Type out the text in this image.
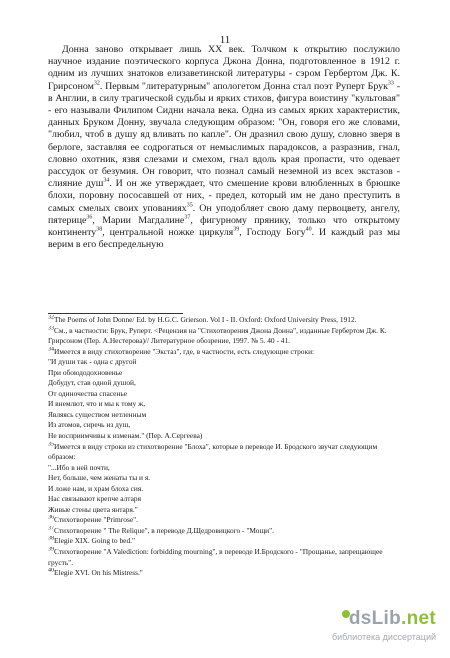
11

Донна заново открывает лишь XX век. Толчком к открытию послужило научное издание поэтического корпуса Джона Донна, подготовленное в 1912 г. одним из лучших знатоков елизаветинской литературы - сэром Гербертом Дж. К. Грирсоном$^{32}$. Первым "литературным" апологетом Донна стал поэт Руперт Брук$^{33}$ - в Англии, в силу трагической судьбы и ярких стихов, фигура воистину "культовая" - его называли Филипом Сидни начала века. Одна из самых ярких характеристик, данных Бруком Донну, звучала следующим образом: "Он, говоря его же словами, "любил, чтоб в душу яд вливать по капле". Он дразнил свою душу, словно зверя в берлоге, заставляя ее содрогаться от немыслимых парадоксов, а разразнив, гнал, словно охотник, язвя слезами и смехом, гнал вдоль края пропасти, что одевает рассудок от безумия. Он говорит, что познал самый неземной из всех экстазов - слияние душ$^{34}$. И он же утверждает, что смешение крови влюбленных в брюшке блохи, поровну пососавшей от них, - предел, который им не дано преступить в самых смелых своих упованиях$^{35}$. Он уподобляет свою даму первоцвету, ангелу, пятерице$^{36}$, Марии Магдалине$^{37}$, фигурному прянику, только что открытому континенту$^{38}$, центральной ножке циркуля$^{39}$, Господу Богу$^{40}$. И каждый раз мы верим в его беспредельную

$^{32}$The Poems of John Donne/ Ed. by H.G.C. Grierson. Vol I - II. Oxford: Oxford University Press, 1912.
$^{33}$См., в частности: Брук, Руперт. <Рецензия на "Стихотворения Джона Донна", изданные Гербертом Дж. К. Грирсоном (Пер. А.Нестерова)// Литературное обозрение, 1997. № 5. 40 - 41.
$^{34}$Имеется в виду стихотворение "Экстаз", где, в частности, есть следующие строки:
"И души так - одна с другой
При обоюдодохновенье
Добудут, став одной душой,
От одиночества спасенье
И внемлют, что и мы к тому ж,
Являясь существом нетленным
Из атомов, сиречь из душ,
Не восприимчивы к изменам." (Пер. А.Сергеева)
$^{35}$Имеется в виду строки из стихотворение "Блоха", которые в переводе И. Бродского звучат следующим образом:
"...Ибо в ней почти,
Нет, больше, чем женаты ты и я.
И ложе нам, и храм блоха сия.
Нас связывают крепче алтаря
Живые стены цвета янтаря."
$^{36}$Стихотворение "Primrose".
$^{37}$Стихотворение " The Relique", в переводе Д.Щедровицкого - "Мощи".
$^{38}$Elegie XIX. Going to bed."
$^{39}$Стихотворение "A Valediction: forbidding mourning", в переводе И.Бродского - "Прощанье, запрещающее грусть".
$^{40}$Elegie XVI. On his Mistress."
dsLib.net
библиотека диссертаций
